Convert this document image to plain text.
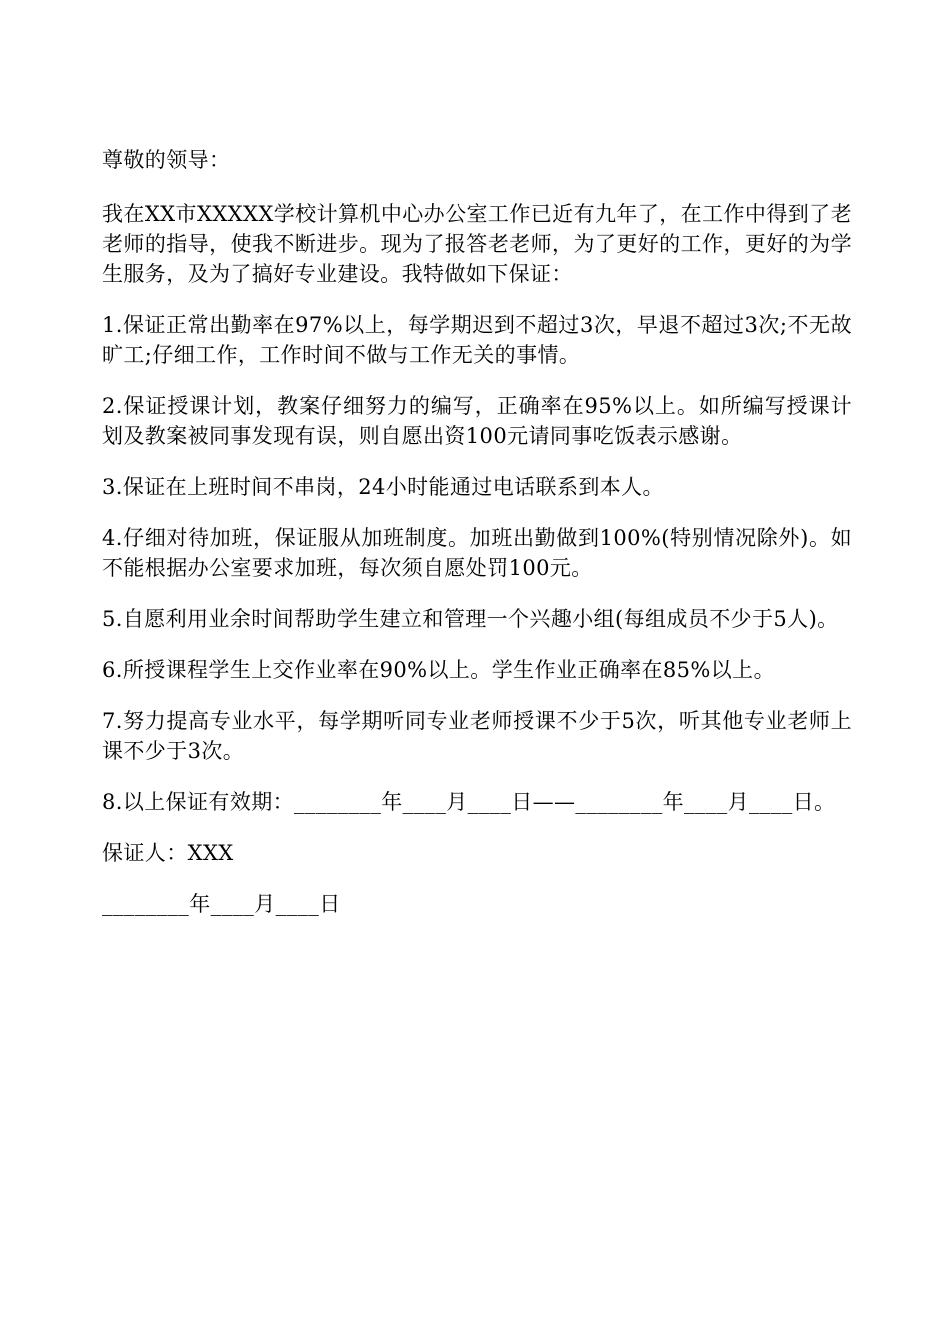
尊敬的领导：

我在XX市XXXXX学校计算机中心办公室工作已近有九年了，在工作中得到了老老师的指导，使我不断进步。现为了报答老老师，为了更好的工作，更好的为学生服务，及为了搞好专业建设。我特做如下保证：

1.保证正常出勤率在97%以上，每学期迟到不超过3次，早退不超过3次;不无故旷工;仔细工作，工作时间不做与工作无关的事情。

2.保证授课计划，教案仔细努力的编写，正确率在95%以上。如所编写授课计划及教案被同事发现有误，则自愿出资100元请同事吃饭表示感谢。

3.保证在上班时间不串岗，24小时能通过电话联系到本人。

4.仔细对待加班，保证服从加班制度。加班出勤做到100%(特别情况除外)。如不能根据办公室要求加班，每次须自愿处罚100元。

5.自愿利用业余时间帮助学生建立和管理一个兴趣小组(每组成员不少于5人)。

6.所授课程学生上交作业率在90%以上。学生作业正确率在85%以上。

7.努力提高专业水平，每学期听同专业老师授课不少于5次，听其他专业老师上课不少于3次。

8.以上保证有效期：________年____月____日——________年____月____日。

保证人：XXX

________年____月____日
